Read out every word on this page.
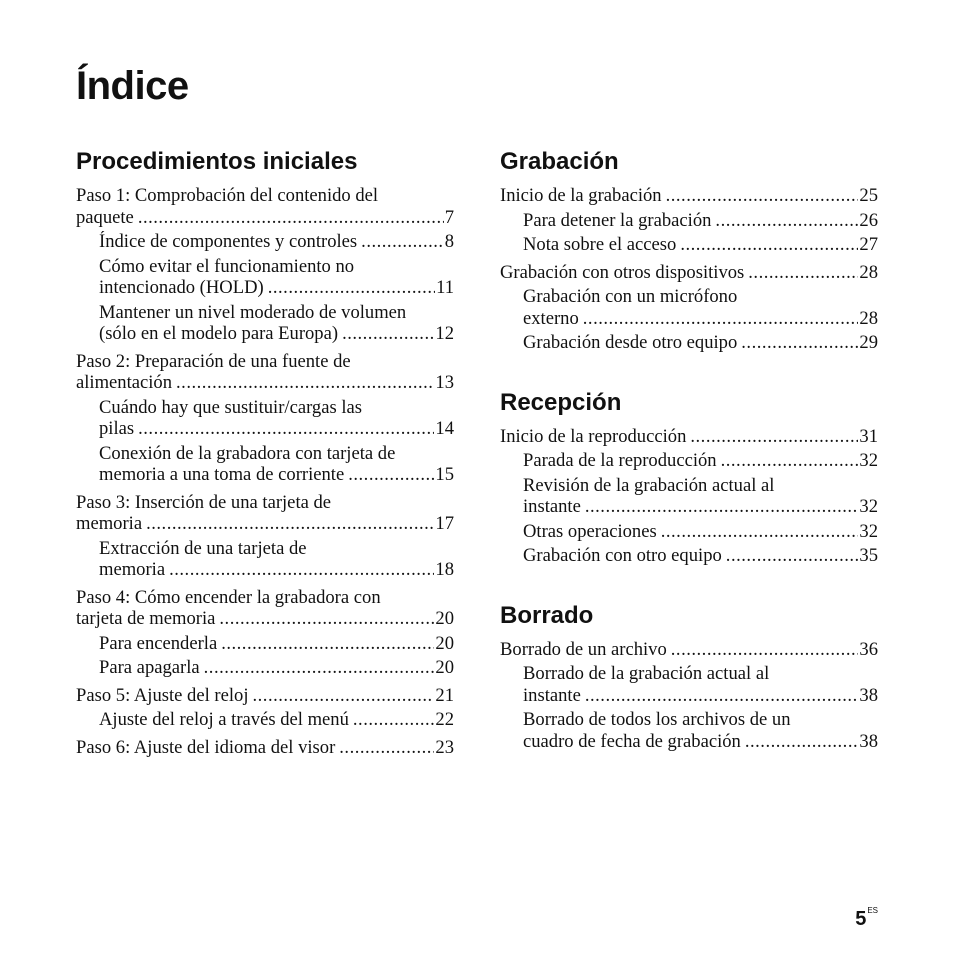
Índice
Procedimientos iniciales
Paso 1: Comprobación del contenido del
paquete .....	7
Índice de componentes y controles .....	8
Cómo evitar el funcionamiento no
intencionado (HOLD) .....	11
Mantener un nivel moderado de volumen
(sólo en el modelo para Europa) .....	12
Paso 2: Preparación de una fuente de
alimentación .....	13
Cuándo hay que sustituir/cargas las
pilas .....	14
Conexión de la grabadora con tarjeta de
memoria a una toma de corriente .....	15
Paso 3: Inserción de una tarjeta de
memoria .....	17
Extracción de una tarjeta de
memoria .....	18
Paso 4: Cómo encender la grabadora con
tarjeta de memoria .....	20
Para encenderla .....	20
Para apagarla .....	20
Paso 5: Ajuste del reloj .....	21
Ajuste del reloj a través del menú .....	22
Paso 6: Ajuste del idioma del visor .....	23
Grabación
Inicio de la grabación .....	25
Para detener la grabación .....	26
Nota sobre el acceso .....	27
Grabación con otros dispositivos .....	28
Grabación con un micrófono
externo .....	28
Grabación desde otro equipo .....	29
Recepción
Inicio de la reproducción .....	31
Parada de la reproducción .....	32
Revisión de la grabación actual al
instante .....	32
Otras operaciones .....	32
Grabación con otro equipo .....	35
Borrado
Borrado de un archivo .....	36
Borrado de la grabación actual al
instante .....	38
Borrado de todos los archivos de un
cuadro de fecha de grabación .....	38
$5^{ES}$
